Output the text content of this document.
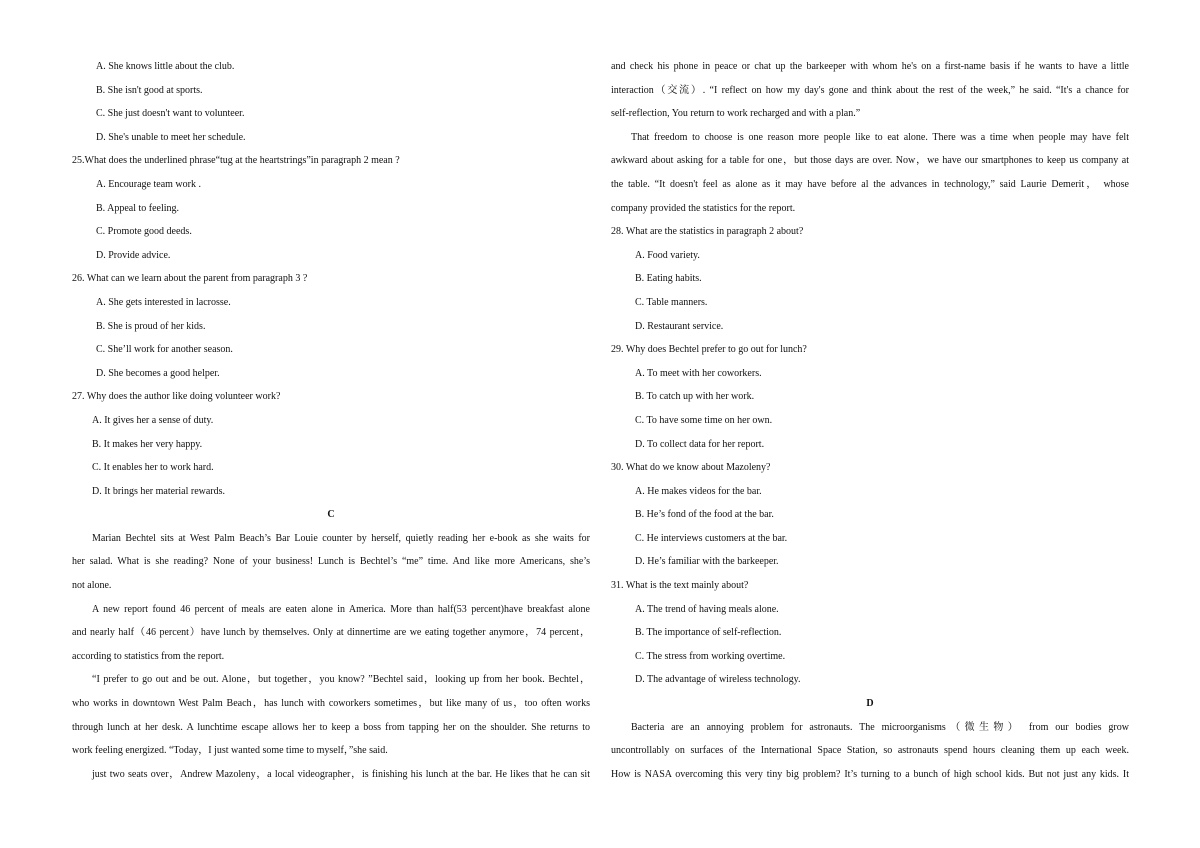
A. She knows little about the club.
B. She isn't good at sports.
C. She just doesn't want to volunteer.
D. She's unable to meet her schedule.
25.What does the underlined phrase“tug at the heartstrings”in paragraph 2 mean ?
A. Encourage team work .
B. Appeal to feeling.
C. Promote good deeds.
D. Provide advice.
26. What can we learn about the parent from paragraph 3 ?
A. She gets interested in lacrosse.
B. She is proud of her kids.
C. She’ll work for another season.
D. She becomes a good helper.
27. Why does the author like doing volunteer work?
A. It gives her a sense of duty.
B. It makes her very happy.
C. It enables her to work hard.
D. It brings her material rewards.
C
Marian Bechtel sits at West Palm Beach’s Bar Louie counter by herself, quietly reading her e-book as she waits for
her salad. What is she reading? None of your business! Lunch is Bechtel’s “me” time. And like more Americans, she’s
not alone.
A new report found 46 percent of meals are eaten alone in America. More than half(53 percent)have breakfast alone
and nearly half（46 percent）have lunch by themselves. Only at dinnertime are we eating together anymore，74 percent，
according to statistics from the report.
“I prefer to go out and be out. Alone，but together，you know? ”Bechtel said，looking up from her book. Bechtel，
who works in downtown West Palm Beach，has lunch with coworkers sometimes，but like many of us，too often works
through lunch at her desk. A lunchtime escape allows her to keep a boss from tapping her on the shoulder. She returns to
work feeling energized. “Today，I just wanted some time to myself，”she said.
just two seats over，Andrew Mazoleny，a local videographer，is finishing his lunch at the bar. He likes that he can sit
and check his phone in peace or chat up the barkeeper with whom he's on a first-name basis if he wants to have a little
interaction（交流）. “I reflect on how my day's gone and think about the rest of the week,” he said. “It's a chance for
self-reflection, You return to work recharged and with a plan.”
That freedom to choose is one reason more people like to eat alone. There was a time when people may have felt
awkward about asking for a table for one，but those days are over. Now，we have our smartphones to keep us company at
the table. “It doesn't feel as alone as it may have before al the advances in technology,” said Laurie Demerit， whose
company provided the statistics for the report.
28. What are the statistics in paragraph 2 about?
A. Food variety.
B. Eating habits.
C. Table manners.
D. Restaurant service.
29. Why does Bechtel prefer to go out for lunch?
A. To meet with her coworkers.
B. To catch up with her work.
C. To have some time on her own.
D. To collect data for her report.
30. What do we know about Mazoleny?
A. He makes videos for the bar.
B. He’s fond of the food at the bar.
C. He interviews customers at the bar.
D. He’s familiar with the barkeeper.
31. What is the text mainly about?
A. The trend of having meals alone.
B. The importance of self-reflection.
C. The stress from working overtime.
D. The advantage of wireless technology.
D
Bacteria are an annoying problem for astronauts. The microorganisms（微生物） from our bodies grow
uncontrollably on surfaces of the International Space Station, so astronauts spend hours cleaning them up each week.
How is NASA overcoming this very tiny big problem? It’s turning to a bunch of high school kids. But not just any kids. It
